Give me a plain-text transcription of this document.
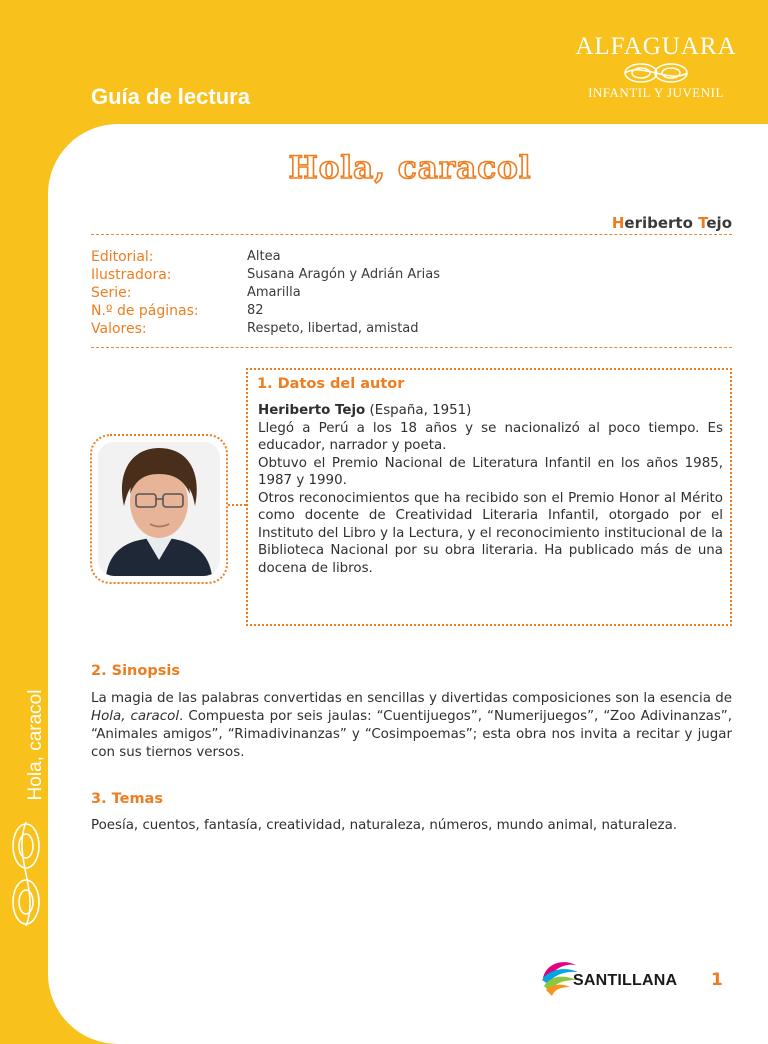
Guía de lectura
ALFAGUARA
INFANTIL Y JUVENIL
Hola, caracol
Heriberto Tejo
Editorial:	Altea
Ilustradora:	Susana Aragón y Adrián Arias
Serie:	Amarilla
N.º de páginas:	82
Valores:	Respeto, libertad, amistad
1. Datos del autor

Heriberto Tejo (España, 1951)

Llegó a Perú a los 18 años y se nacionalizó al poco tiempo. Es educador, narrador y poeta.

Obtuvo el Premio Nacional de Literatura Infantil en los años 1985, 1987 y 1990.

Otros reconocimientos que ha recibido son el Premio Honor al Mérito como docente de Creatividad Literaria Infantil, otorgado por el Instituto del Libro y la Lectura, y el reconocimiento institucional de la Biblioteca Nacional por su obra literaria. Ha publicado más de una docena de libros.

2. Sinopsis

La magia de las palabras convertidas en sencillas y divertidas composiciones son la esencia de Hola, caracol. Compuesta por seis jaulas: “Cuentijuegos”, “Numerijuegos”, “Zoo Adivinanzas”, “Animales amigos”, “Rimadivinanzas” y “Cosimpoemas”; esta obra nos invita a recitar y jugar con sus tiernos versos.

3. Temas
Poesía, cuentos, fantasía, creatividad, naturaleza, números, mundo animal, naturaleza.
Hola, caracol
SANTILLANA 1
